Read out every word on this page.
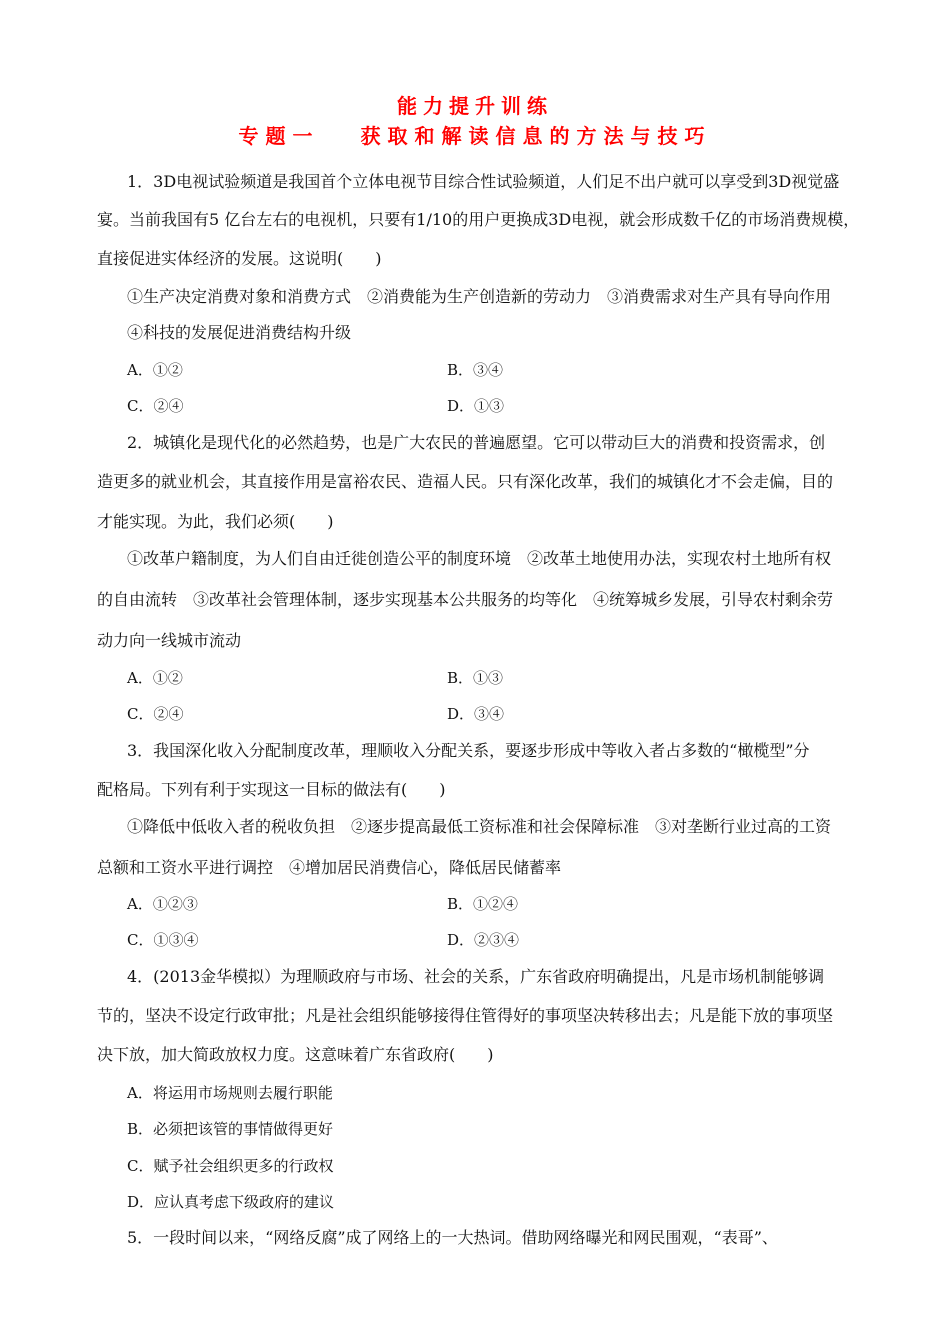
能力提升训练
专题一　 获取和解读信息的方法与技巧
1．3D电视试验频道是我国首个立体电视节目综合性试验频道，人们足不出户就可以享受到3D视觉盛
宴。当前我国有5 亿台左右的电视机，只要有1/10的用户更换成3D电视，就会形成数千亿的市场消费规模，
直接促进实体经济的发展。这说明(　　)
①生产决定消费对象和消费方式　②消费能为生产创造新的劳动力　③消费需求对生产具有导向作用
④科技的发展促进消费结构升级
A．①②	B．③④
C．②④	D．①③
2．城镇化是现代化的必然趋势，也是广大农民的普遍愿望。它可以带动巨大的消费和投资需求，创
造更多的就业机会，其直接作用是富裕农民、造福人民。只有深化改革，我们的城镇化才不会走偏，目的
才能实现。为此，我们必须(　　)
①改革户籍制度，为人们自由迁徙创造公平的制度环境　②改革土地使用办法，实现农村土地所有权
的自由流转　③改革社会管理体制，逐步实现基本公共服务的均等化　④统筹城乡发展，引导农村剩余劳
动力向一线城市流动
A．①②	B．①③
C．②④	D．③④
3．我国深化收入分配制度改革，理顺收入分配关系，要逐步形成中等收入者占多数的“橄榄型”分
配格局。下列有利于实现这一目标的做法有(　　)
①降低中低收入者的税收负担　②逐步提高最低工资标准和社会保障标准　③对垄断行业过高的工资
总额和工资水平进行调控　④增加居民消费信心，降低居民储蓄率
A．①②③	B．①②④
C．①③④	D．②③④
4．(2013金华模拟）为理顺政府与市场、社会的关系，广东省政府明确提出，凡是市场机制能够调
节的，坚决不设定行政审批；凡是社会组织能够接得住管得好的事项坚决转移出去；凡是能下放的事项坚
决下放，加大简政放权力度。这意味着广东省政府(　　)
A．将运用市场规则去履行职能
B．必须把该管的事情做得更好
C．赋予社会组织更多的行政权
D．应认真考虑下级政府的建议
5．一段时间以来，“网络反腐”成了网络上的一大热词。借助网络曝光和网民围观，“表哥”、
